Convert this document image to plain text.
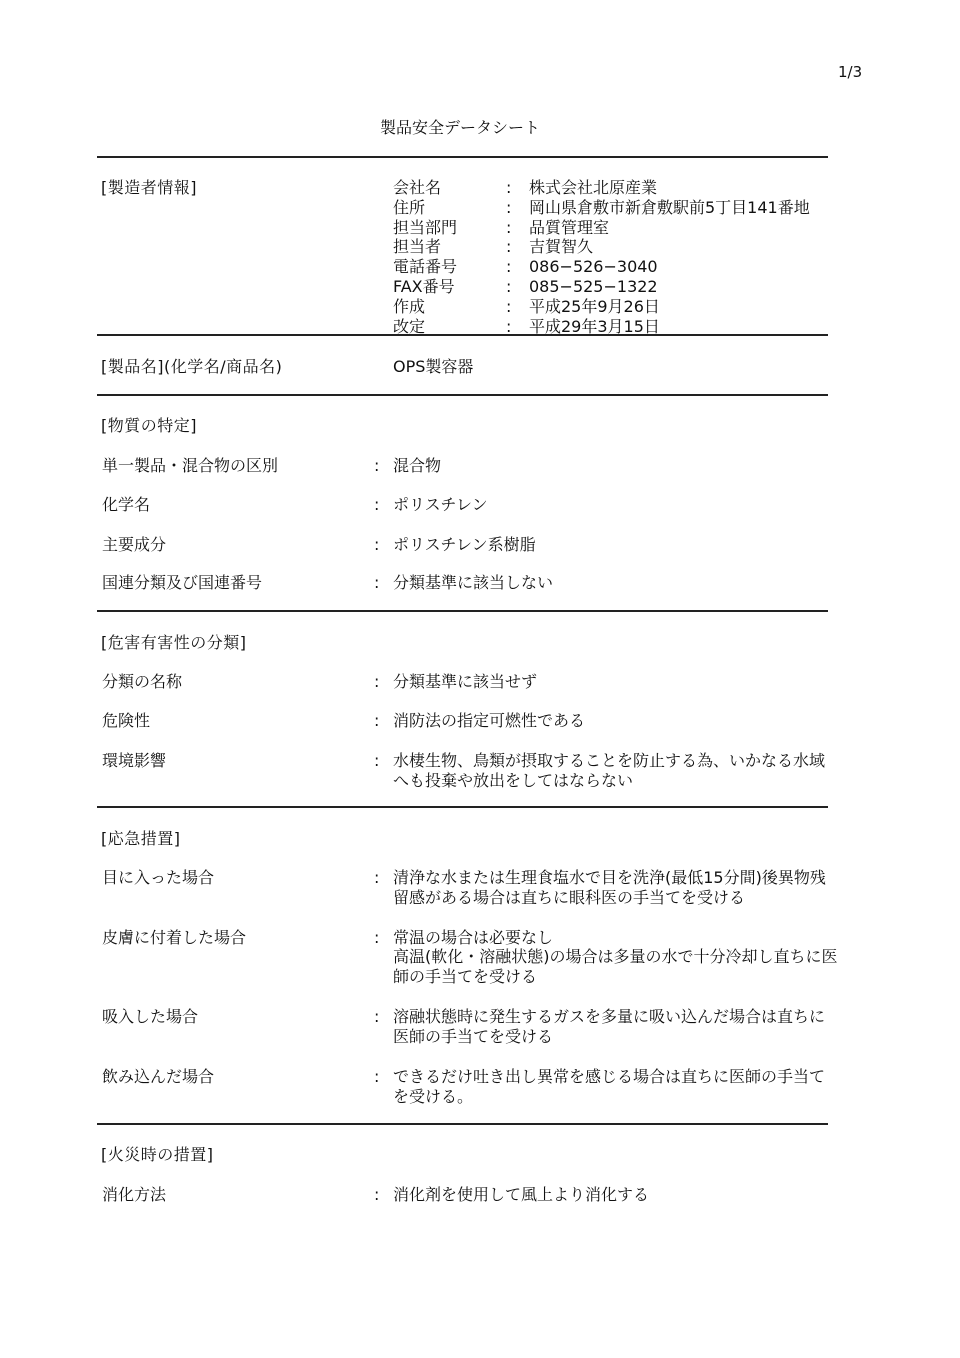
1/3
製品安全データシート
[製造者情報]	会社名	: 株式会社北原産業
住所	: 岡山県倉敷市新倉敷駅前5丁目141番地
担当部門	: 品質管理室
担当者	: 吉賀智久
電話番号	: 086−526−3040
FAX番号	: 085−525−1322
作成	: 平成25年9月26日
改定	: 平成29年3月15日
[製品名](化学名/商品名)	OPS製容器
[物質の特定]
単一製品・混合物の区別	: 混合物
化学名	: ポリスチレン
主要成分	: ポリスチレン系樹脂
国連分類及び国連番号	: 分類基準に該当しない
[危害有害性の分類]
分類の名称	: 分類基準に該当せず
危険性	: 消防法の指定可燃性である
環境影響	: 水棲生物、鳥類が摂取することを防止する為、いかなる水域へも投棄や放出をしてはならない
[応急措置]
目に入った場合	: 清浄な水または生理食塩水で目を洗浄(最低15分間)後異物残留感がある場合は直ちに眼科医の手当てを受ける
皮膚に付着した場合	: 常温の場合は必要なし
高温(軟化・溶融状態)の場合は多量の水で十分冷却し直ちに医師の手当てを受ける
吸入した場合	: 溶融状態時に発生するガスを多量に吸い込んだ場合は直ちに医師の手当てを受ける
飲み込んだ場合	: できるだけ吐き出し異常を感じる場合は直ちに医師の手当てを受ける。
[火災時の措置]
消化方法	: 消化剤を使用して風上より消化する
